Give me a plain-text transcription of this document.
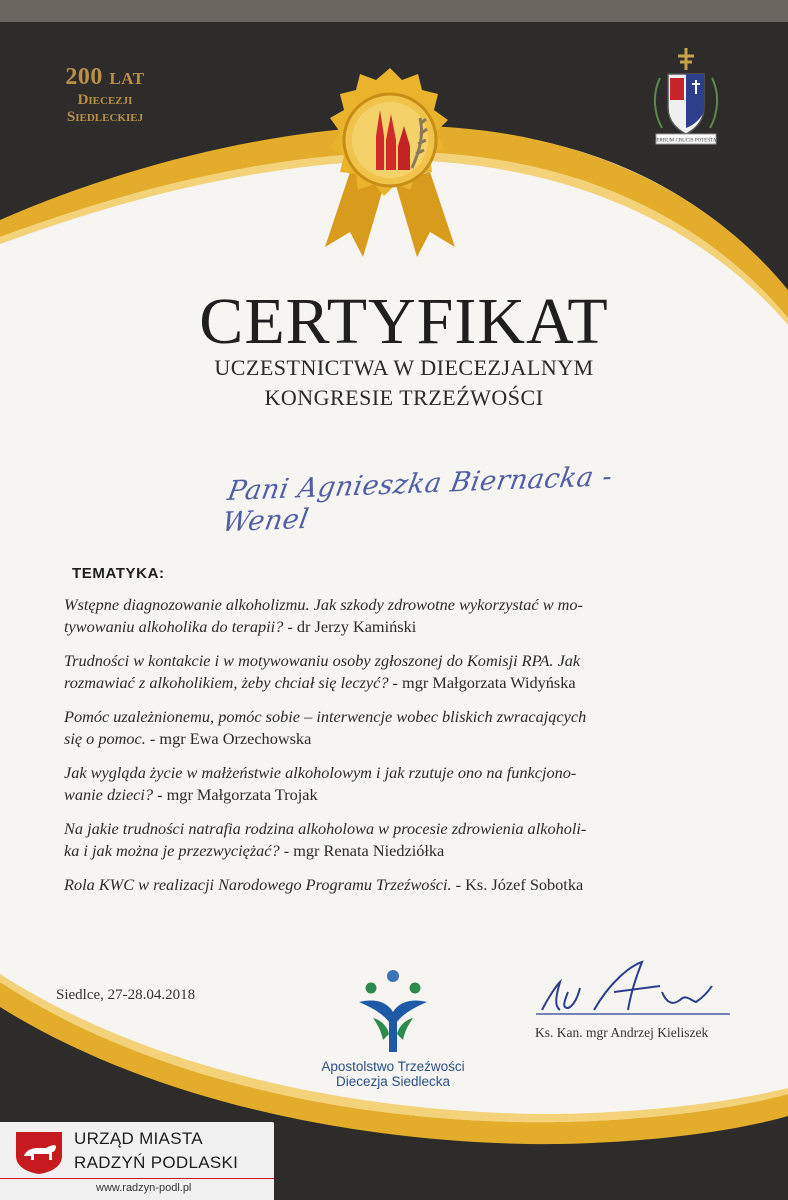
200 lat
Diecezji
Siedleckiej
VERBUM CRUCIS POTESTAS
CERTYFIKAT
UCZESTNICTWA W DIECEZJALNYM
KONGRESIE TRZEŹWOŚCI
Pani Agnieszka Biernacka - Wenel
TEMATYKA:
Wstępne diagnozowanie alkoholizmu. Jak szkody zdrowotne wykorzystać w mo-
tywowaniu alkoholika do terapii? - dr Jerzy Kamiński
Trudności w kontakcie i w motywowaniu osoby zgłoszonej do Komisji RPA. Jak
rozmawiać z alkoholikiem, żeby chciał się leczyć? - mgr Małgorzata Widyńska
Pomóc uzależnionemu, pomóc sobie – interwencje wobec bliskich zwracających
się o pomoc. - mgr Ewa Orzechowska
Jak wygląda życie w małżeństwie alkoholowym i jak rzutuje ono na funkcjono-
wanie dzieci? - mgr Małgorzata Trojak
Na jakie trudności natrafia rodzina alkoholowa w procesie zdrowienia alkoholi-
ka i jak można je przezwyciężać? - mgr Renata Niedziółka
Rola KWC w realizacji Narodowego Programu Trzeźwości. - Ks. Józef Sobotka
Siedlce, 27-28.04.2018
Apostolstwo Trzeźwości
Diecezja Siedlecka
Ks. Kan. mgr Andrzej Kieliszek
URZĄD MIASTA
RADZYŃ PODLASKI
www.radzyn-podl.pl
